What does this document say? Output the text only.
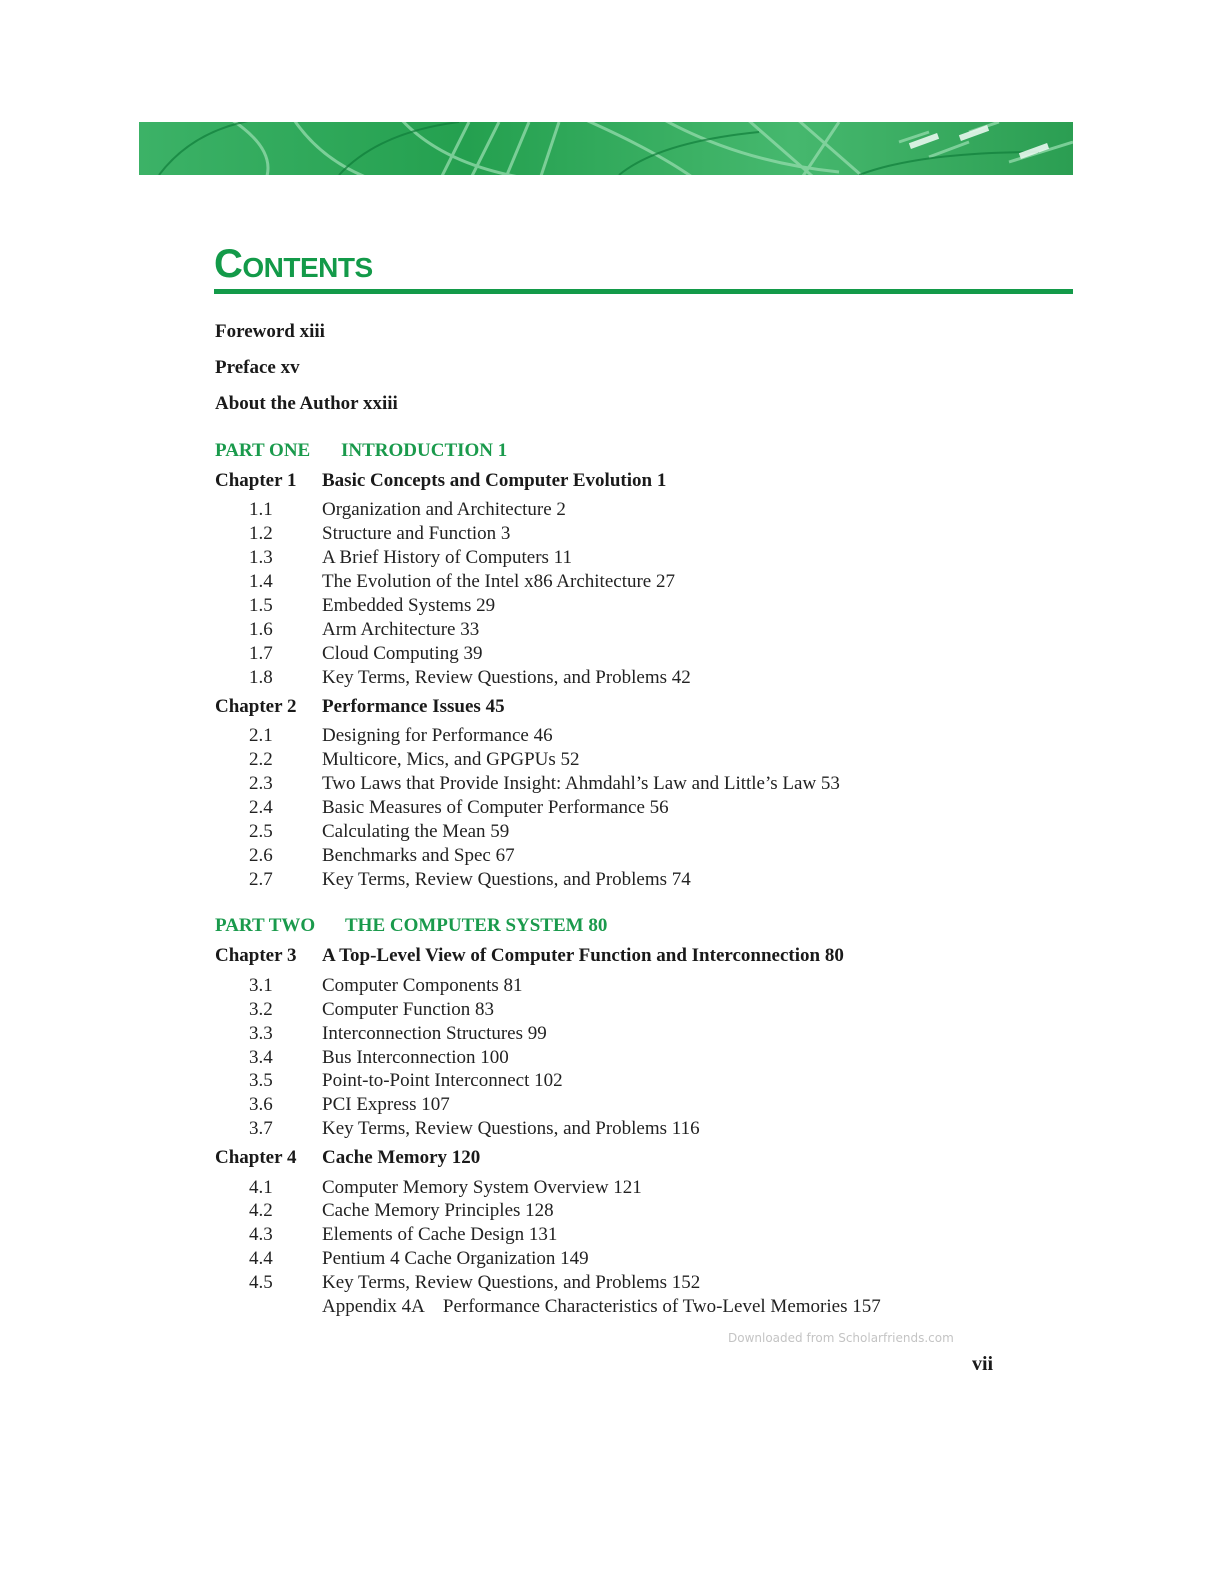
Contents

Foreword xiii

Preface xv

About the Author xxiii

PART ONE INTRODUCTION 1
Chapter 1 Basic Concepts and Computer Evolution 1
1.1	Organization and Architecture 2
1.2	Structure and Function 3
1.3	A Brief History of Computers 11
1.4	The Evolution of the Intel x86 Architecture 27
1.5	Embedded Systems 29
1.6	Arm Architecture 33
1.7	Cloud Computing 39
1.8	Key Terms, Review Questions, and Problems 42
Chapter 2 Performance Issues 45
2.1	Designing for Performance 46
2.2	Multicore, Mics, and GPGPUs 52
2.3	Two Laws that Provide Insight: Ahmdahl’s Law and Little’s Law 53
2.4	Basic Measures of Computer Performance 56
2.5	Calculating the Mean 59
2.6	Benchmarks and Spec 67
2.7	Key Terms, Review Questions, and Problems 74
PART TWO THE COMPUTER SYSTEM 80
Chapter 3 A Top-Level View of Computer Function and Interconnection 80
3.1	Computer Components 81
3.2	Computer Function 83
3.3	Interconnection Structures 99
3.4	Bus Interconnection 100
3.5	Point-to-Point Interconnect 102
3.6	PCI Express 107
3.7	Key Terms, Review Questions, and Problems 116
Chapter 4 Cache Memory 120
4.1	Computer Memory System Overview 121
4.2	Cache Memory Principles 128
4.3	Elements of Cache Design 131
4.4	Pentium 4 Cache Organization 149
4.5	Key Terms, Review Questions, and Problems 152
Appendix 4A Performance Characteristics of Two-Level Memories 157
Downloaded from Scholarfriends.com
vii
